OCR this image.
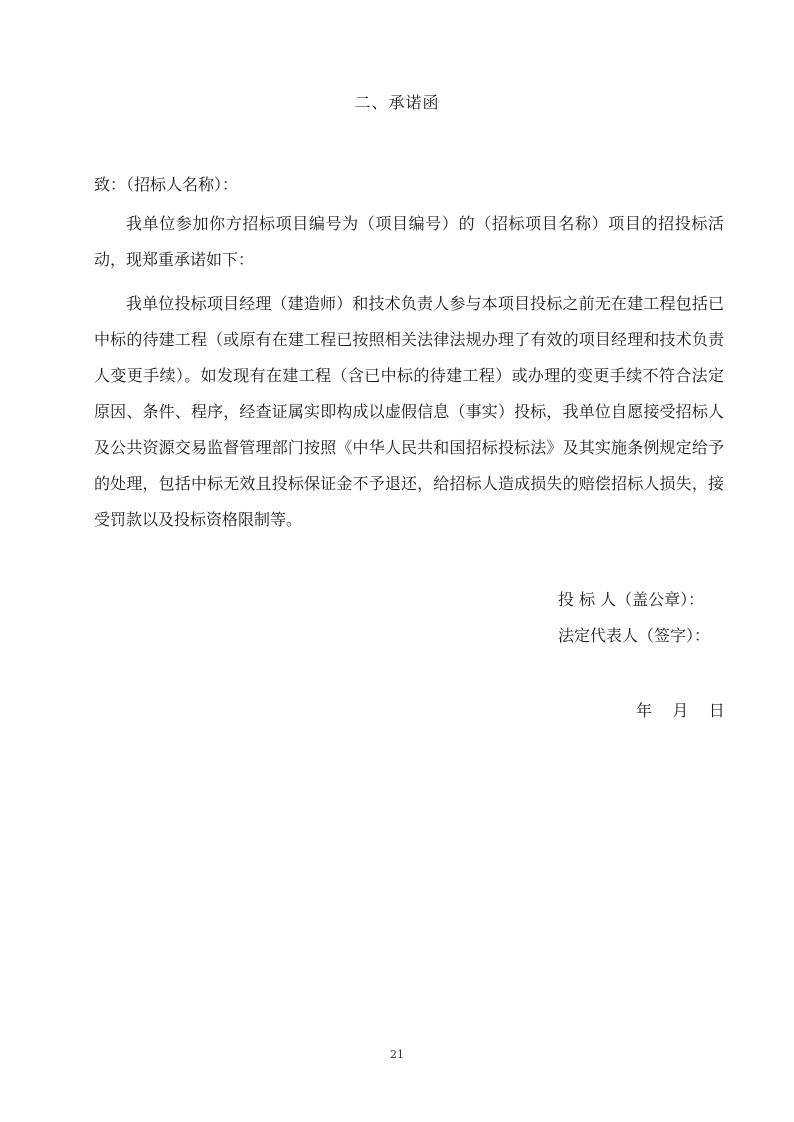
二、承诺函
致：（招标人名称）：

我单位参加你方招标项目编号为（项目编号）的（招标项目名称）项目的招投标活动，现郑重承诺如下：

我单位投标项目经理（建造师）和技术负责人参与本项目投标之前无在建工程包括已中标的待建工程（或原有在建工程已按照相关法律法规办理了有效的项目经理和技术负责人变更手续）。如发现有在建工程（含已中标的待建工程）或办理的变更手续不符合法定原因、条件、程序，经查证属实即构成以虚假信息（事实）投标，我单位自愿接受招标人及公共资源交易监督管理部门按照《中华人民共和国招标投标法》及其实施条例规定给予的处理，包括中标无效且投标保证金不予退还，给招标人造成损失的赔偿招标人损失，接受罚款以及投标资格限制等。

投 标 人（盖公章）：
法定代表人（签字）：
年    月    日
21
